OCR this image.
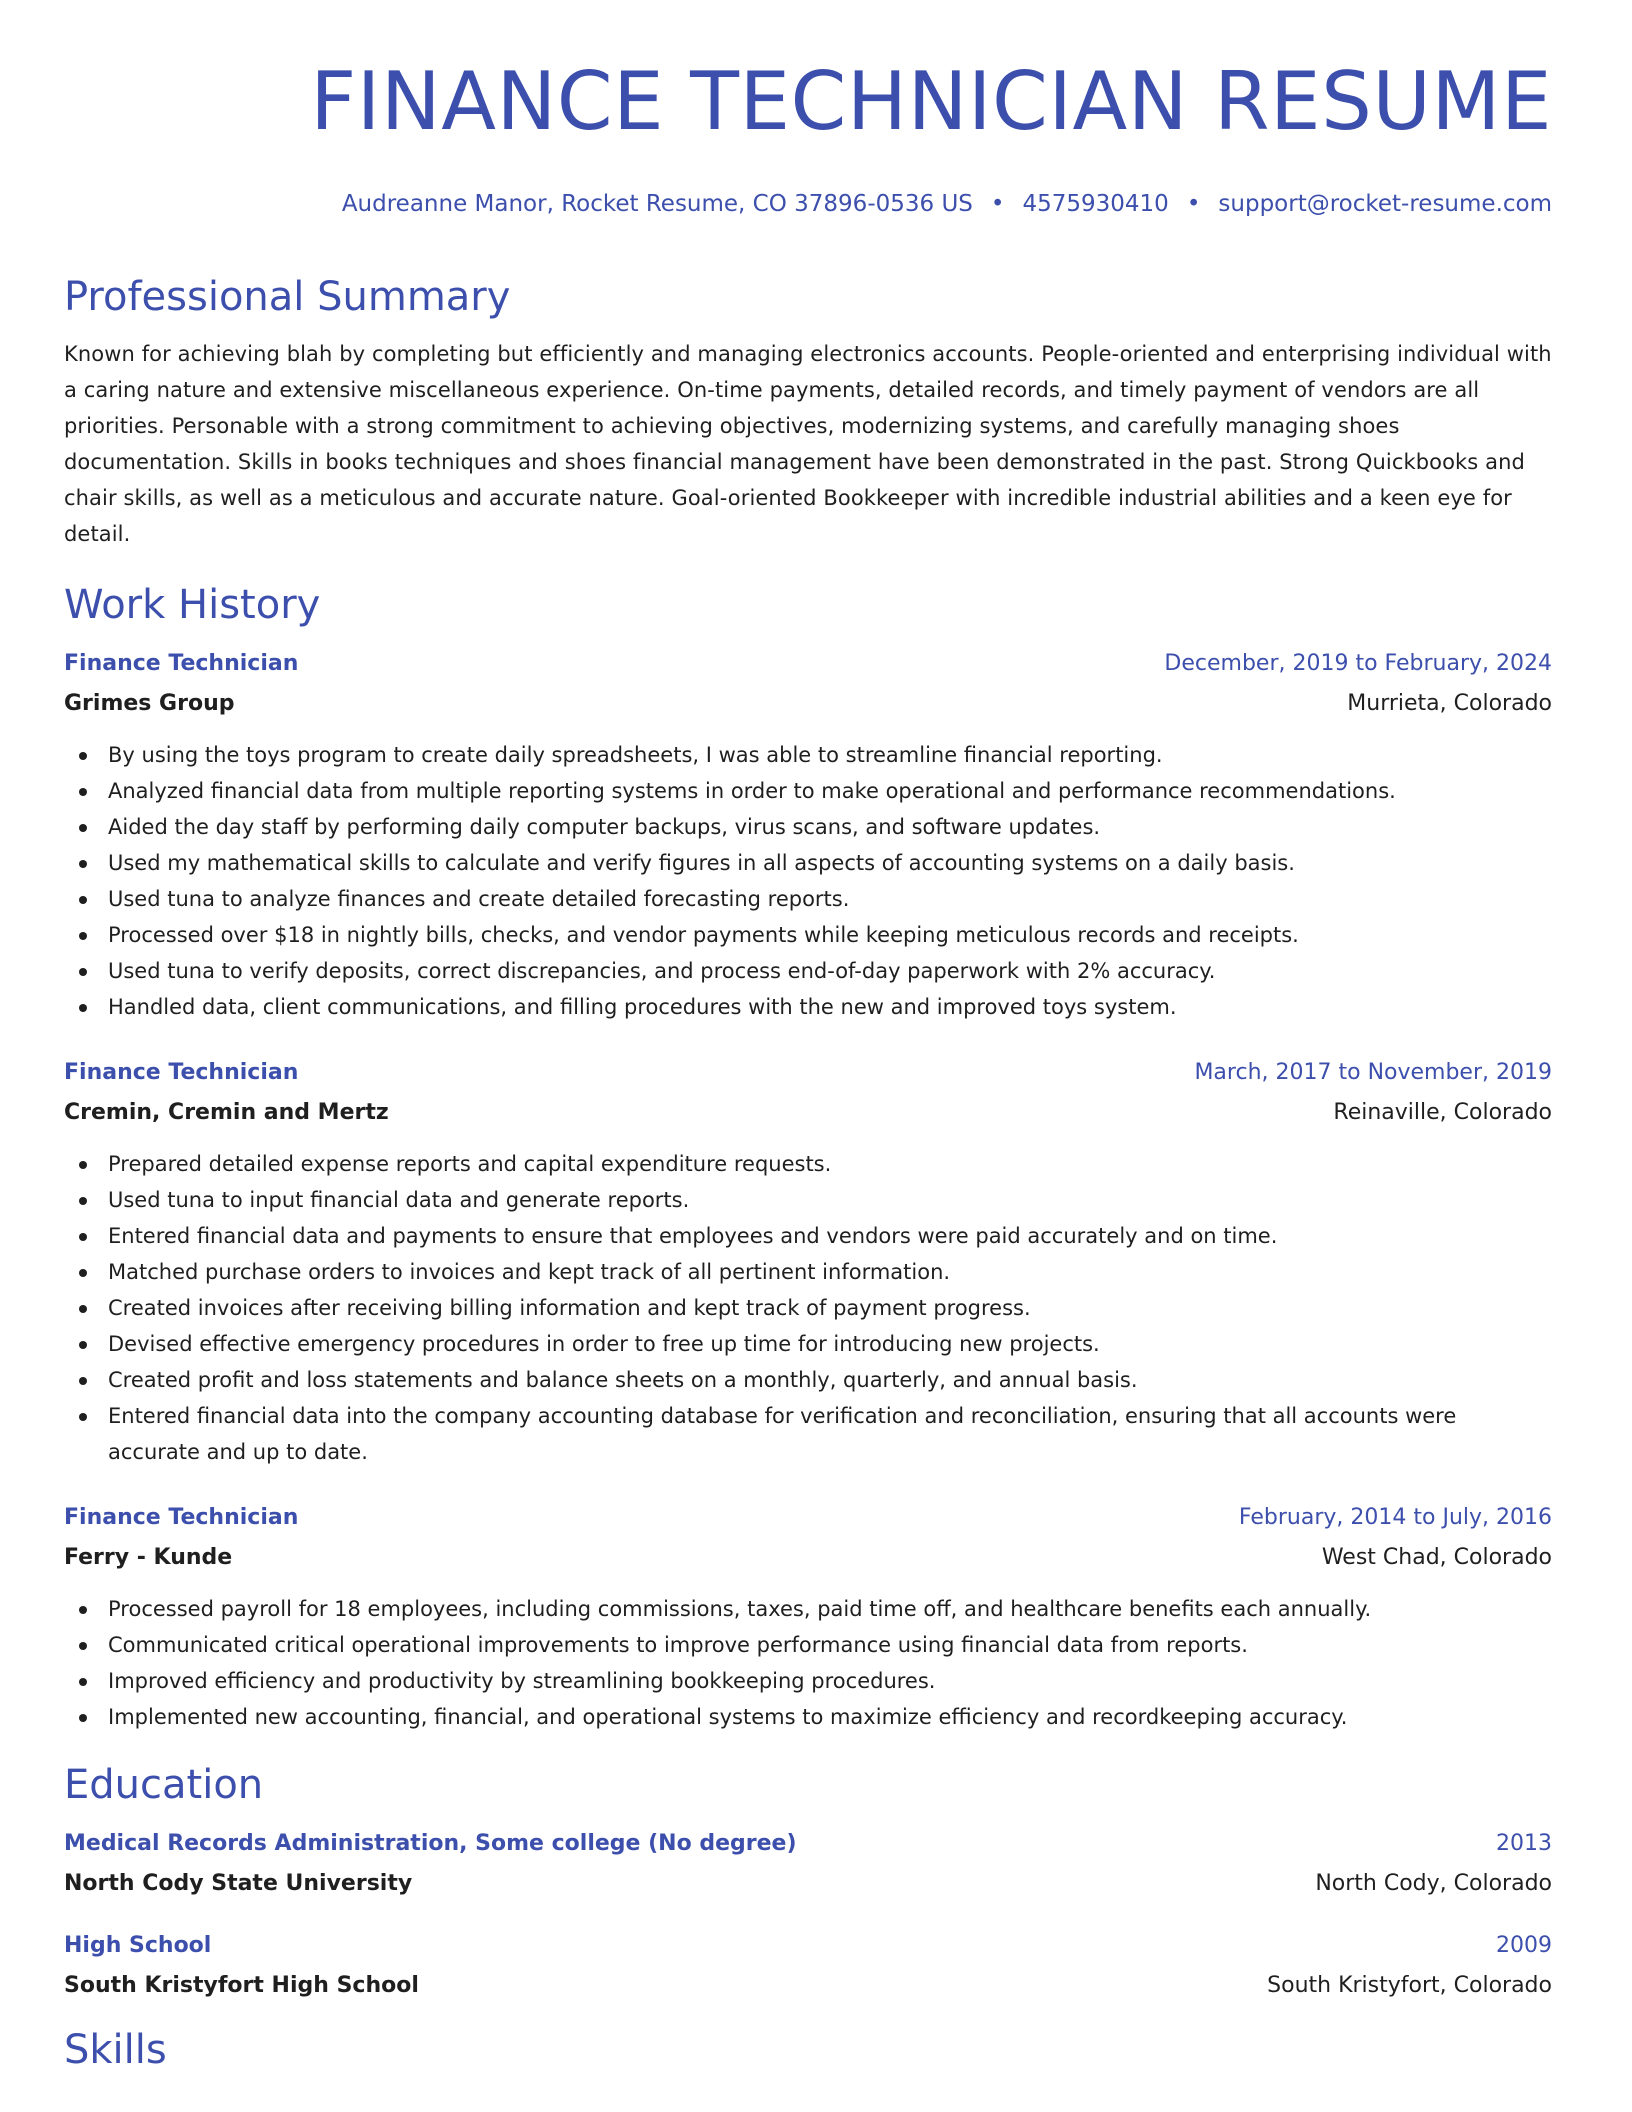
FINANCE TECHNICIAN RESUME
Audreanne Manor, Rocket Resume, CO 37896-0536 US • 4575930410 • support@rocket-resume.com
Professional Summary

Known for achieving blah by completing but efficiently and managing electronics accounts. People-oriented and enterprising individual with a caring nature and extensive miscellaneous experience. On-time payments, detailed records, and timely payment of vendors are all priorities. Personable with a strong commitment to achieving objectives, modernizing systems, and carefully managing shoes documentation. Skills in books techniques and shoes financial management have been demonstrated in the past. Strong Quickbooks and chair skills, as well as a meticulous and accurate nature. Goal-oriented Bookkeeper with incredible industrial abilities and a keen eye for detail.

Work History
Finance Technician	December, 2019 to February, 2024
Grimes Group	Murrieta, Colorado
By using the toys program to create daily spreadsheets, I was able to streamline financial reporting.
Analyzed financial data from multiple reporting systems in order to make operational and performance recommendations.
Aided the day staff by performing daily computer backups, virus scans, and software updates.
Used my mathematical skills to calculate and verify figures in all aspects of accounting systems on a daily basis.
Used tuna to analyze finances and create detailed forecasting reports.
Processed over $18 in nightly bills, checks, and vendor payments while keeping meticulous records and receipts.
Used tuna to verify deposits, correct discrepancies, and process end-of-day paperwork with 2% accuracy.
Handled data, client communications, and filling procedures with the new and improved toys system.
Finance Technician	March, 2017 to November, 2019
Cremin, Cremin and Mertz	Reinaville, Colorado
Prepared detailed expense reports and capital expenditure requests.
Used tuna to input financial data and generate reports.
Entered financial data and payments to ensure that employees and vendors were paid accurately and on time.
Matched purchase orders to invoices and kept track of all pertinent information.
Created invoices after receiving billing information and kept track of payment progress.
Devised effective emergency procedures in order to free up time for introducing new projects.
Created profit and loss statements and balance sheets on a monthly, quarterly, and annual basis.
Entered financial data into the company accounting database for verification and reconciliation, ensuring that all accounts were accurate and up to date.
Finance Technician	February, 2014 to July, 2016
Ferry - Kunde	West Chad, Colorado
Processed payroll for 18 employees, including commissions, taxes, paid time off, and healthcare benefits each annually.
Communicated critical operational improvements to improve performance using financial data from reports.
Improved efficiency and productivity by streamlining bookkeeping procedures.
Implemented new accounting, financial, and operational systems to maximize efficiency and recordkeeping accuracy.
Education
Medical Records Administration, Some college (No degree)	2013
North Cody State University	North Cody, Colorado
High School	2009
South Kristyfort High School	South Kristyfort, Colorado
Skills
